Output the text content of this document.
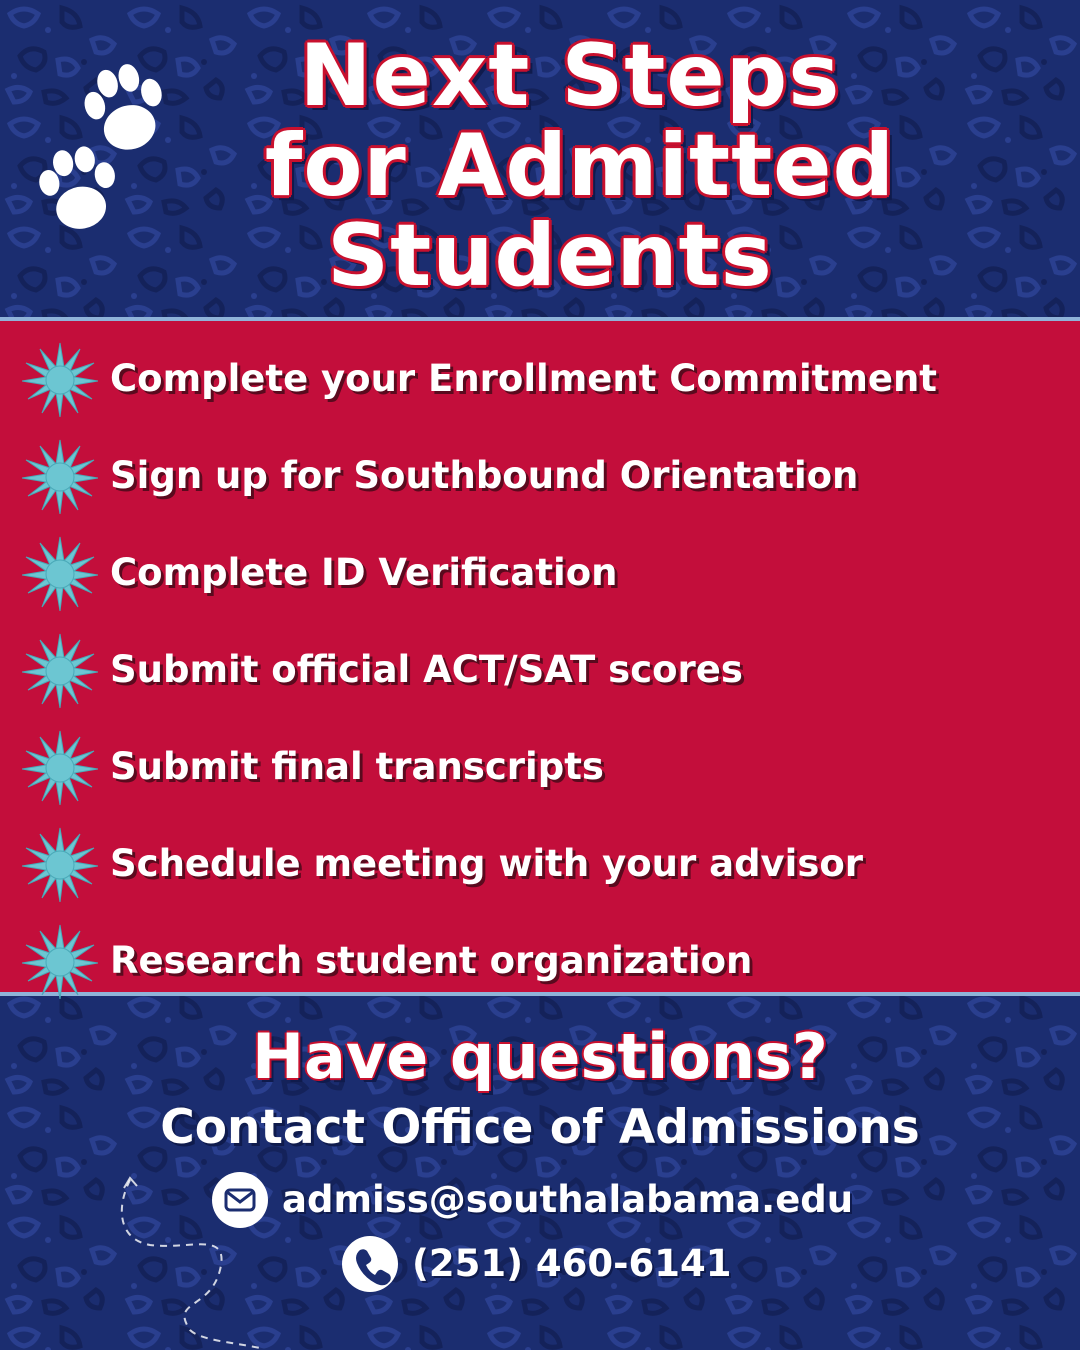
Next Steps
for Admitted
Students
Complete your Enrollment Commitment
Sign up for Southbound Orientation
Complete ID Verification
Submit official ACT/SAT scores
Submit final transcripts
Schedule meeting with your advisor
Research student organization
Have questions?
Contact Office of Admissions
admiss@southalabama.edu
(251) 460-6141
